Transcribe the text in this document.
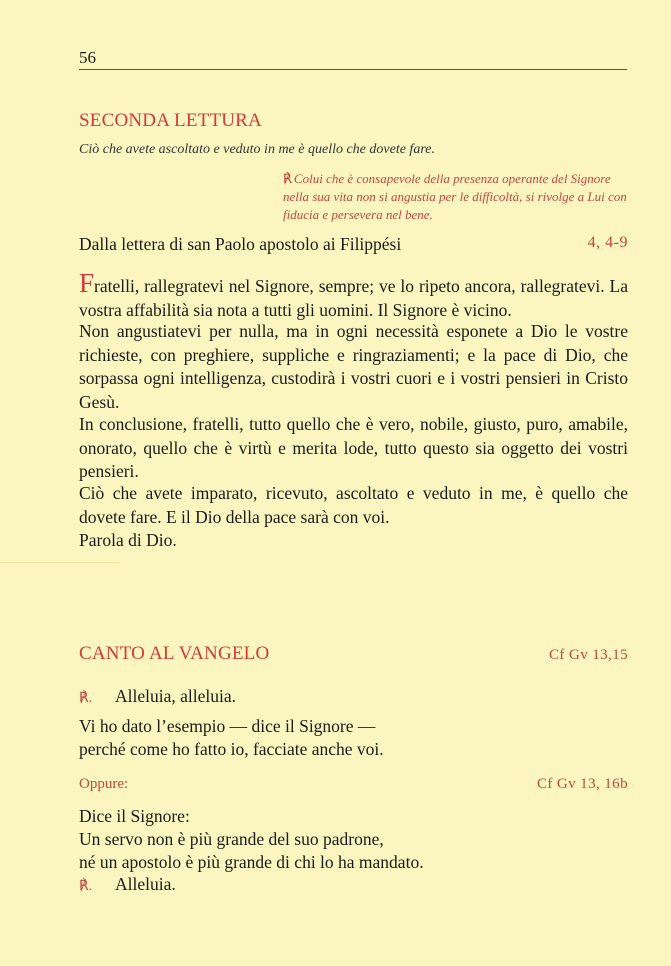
56
SECONDA LETTURA
Ciò che avete ascoltato e veduto in me è quello che dovete fare.
℟ Colui che è consapevole della presenza operante del Signore nella sua vita non si angustia per le difficoltà, si rivolge a Lui con fiducia e persevera nel bene.
Dalla lettera di san Paolo apostolo ai Filippési	4, 4-9
Fratelli, rallegratevi nel Signore, sempre; ve lo ripeto ancora, rallegratevi. La vostra affabilità sia nota a tutti gli uomini. Il Signore è vicino.
Non angustiatevi per nulla, ma in ogni necessità esponete a Dio le vostre richieste, con preghiere, suppliche e ringraziamenti; e la pace di Dio, che sorpassa ogni intelligenza, custodirà i vostri cuori e i vostri pensieri in Cristo Gesù.
In conclusione, fratelli, tutto quello che è vero, nobile, giusto, puro, amabile, onorato, quello che è virtù e merita lode, tutto questo sia oggetto dei vostri pensieri.
Ciò che avete imparato, ricevuto, ascoltato e veduto in me, è quello che dovete fare. E il Dio della pace sarà con voi.
Parola di Dio.
CANTO AL VANGELO	Cf Gv 13,15
℟. Alleluia, alleluia.
Vi ho dato l’esempio — dice il Signore —
perché come ho fatto io, facciate anche voi.
Oppure:	Cf Gv 13, 16b
Dice il Signore:
Un servo non è più grande del suo padrone,
né un apostolo è più grande di chi lo ha mandato.
℟. Alleluia.
